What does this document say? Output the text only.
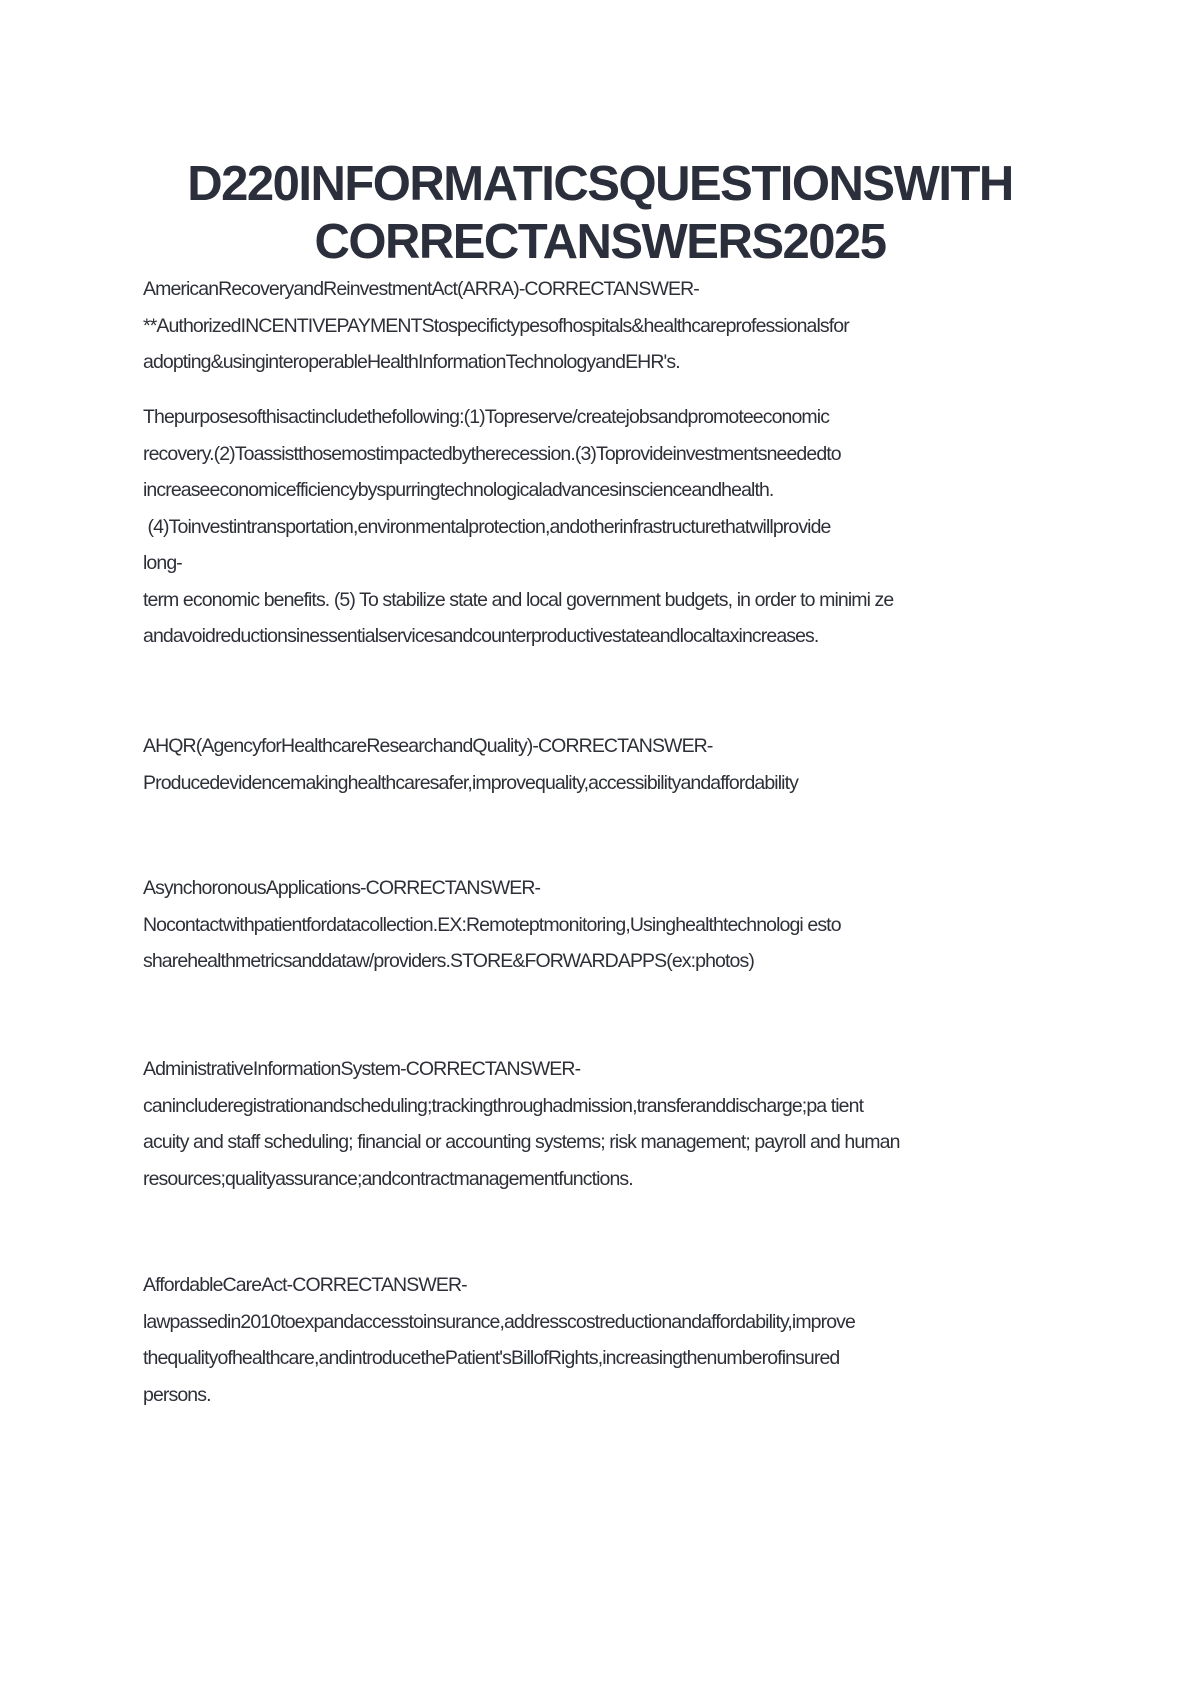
D220INFORMATICSQUESTIONSWITH
CORRECTANSWERS2025
AmericanRecoveryandReinvestmentAct(ARRA)-CORRECTANSWER-
**AuthorizedINCENTIVEPAYMENTStospecifictypesofhospitals&healthcareprofessionalsfor
adopting&usinginteroperableHealthInformationTechnologyandEHR's.
Thepurposesofthisactincludethefollowing:(1)Topreserve/createjobsandpromoteeconomic
recovery.(2)Toassistthosemostimpactedbytherecession.(3)Toprovideinvestmentsneededto
increaseeconomicefficiencybyspurringtechnologicaladvancesinscienceandhealth.
(4)Toinvestintransportation,environmentalprotection,andotherinfrastructurethatwillprovide
long-
term economic benefits. (5) To stabilize state and local government budgets, in order to minimi ze
andavoidreductionsinessentialservicesandcounterproductivestateandlocaltaxincreases.
AHQR(AgencyforHealthcareResearchandQuality)-CORRECTANSWER-
Producedevidencemakinghealthcaresafer,improvequality,accessibilityandaffordability
AsynchoronousApplications-CORRECTANSWER-
Nocontactwithpatientfordatacollection.EX:Remoteptmonitoring,Usinghealthtechnologi esto
sharehealthmetricsanddataw/providers.STORE&FORWARDAPPS(ex:photos)
AdministrativeInformationSystem-CORRECTANSWER-
canincluderegistrationandscheduling;trackingthroughadmission,transferanddischarge;pa tient
acuity and staff scheduling; financial or accounting systems; risk management; payroll and human
resources;qualityassurance;andcontractmanagementfunctions.
AffordableCareAct-CORRECTANSWER-
lawpassedin2010toexpandaccesstoinsurance,addresscostreductionandaffordability,improve
thequalityofhealthcare,andintroducethePatient'sBillofRights,increasingthenumberofinsured
persons.
